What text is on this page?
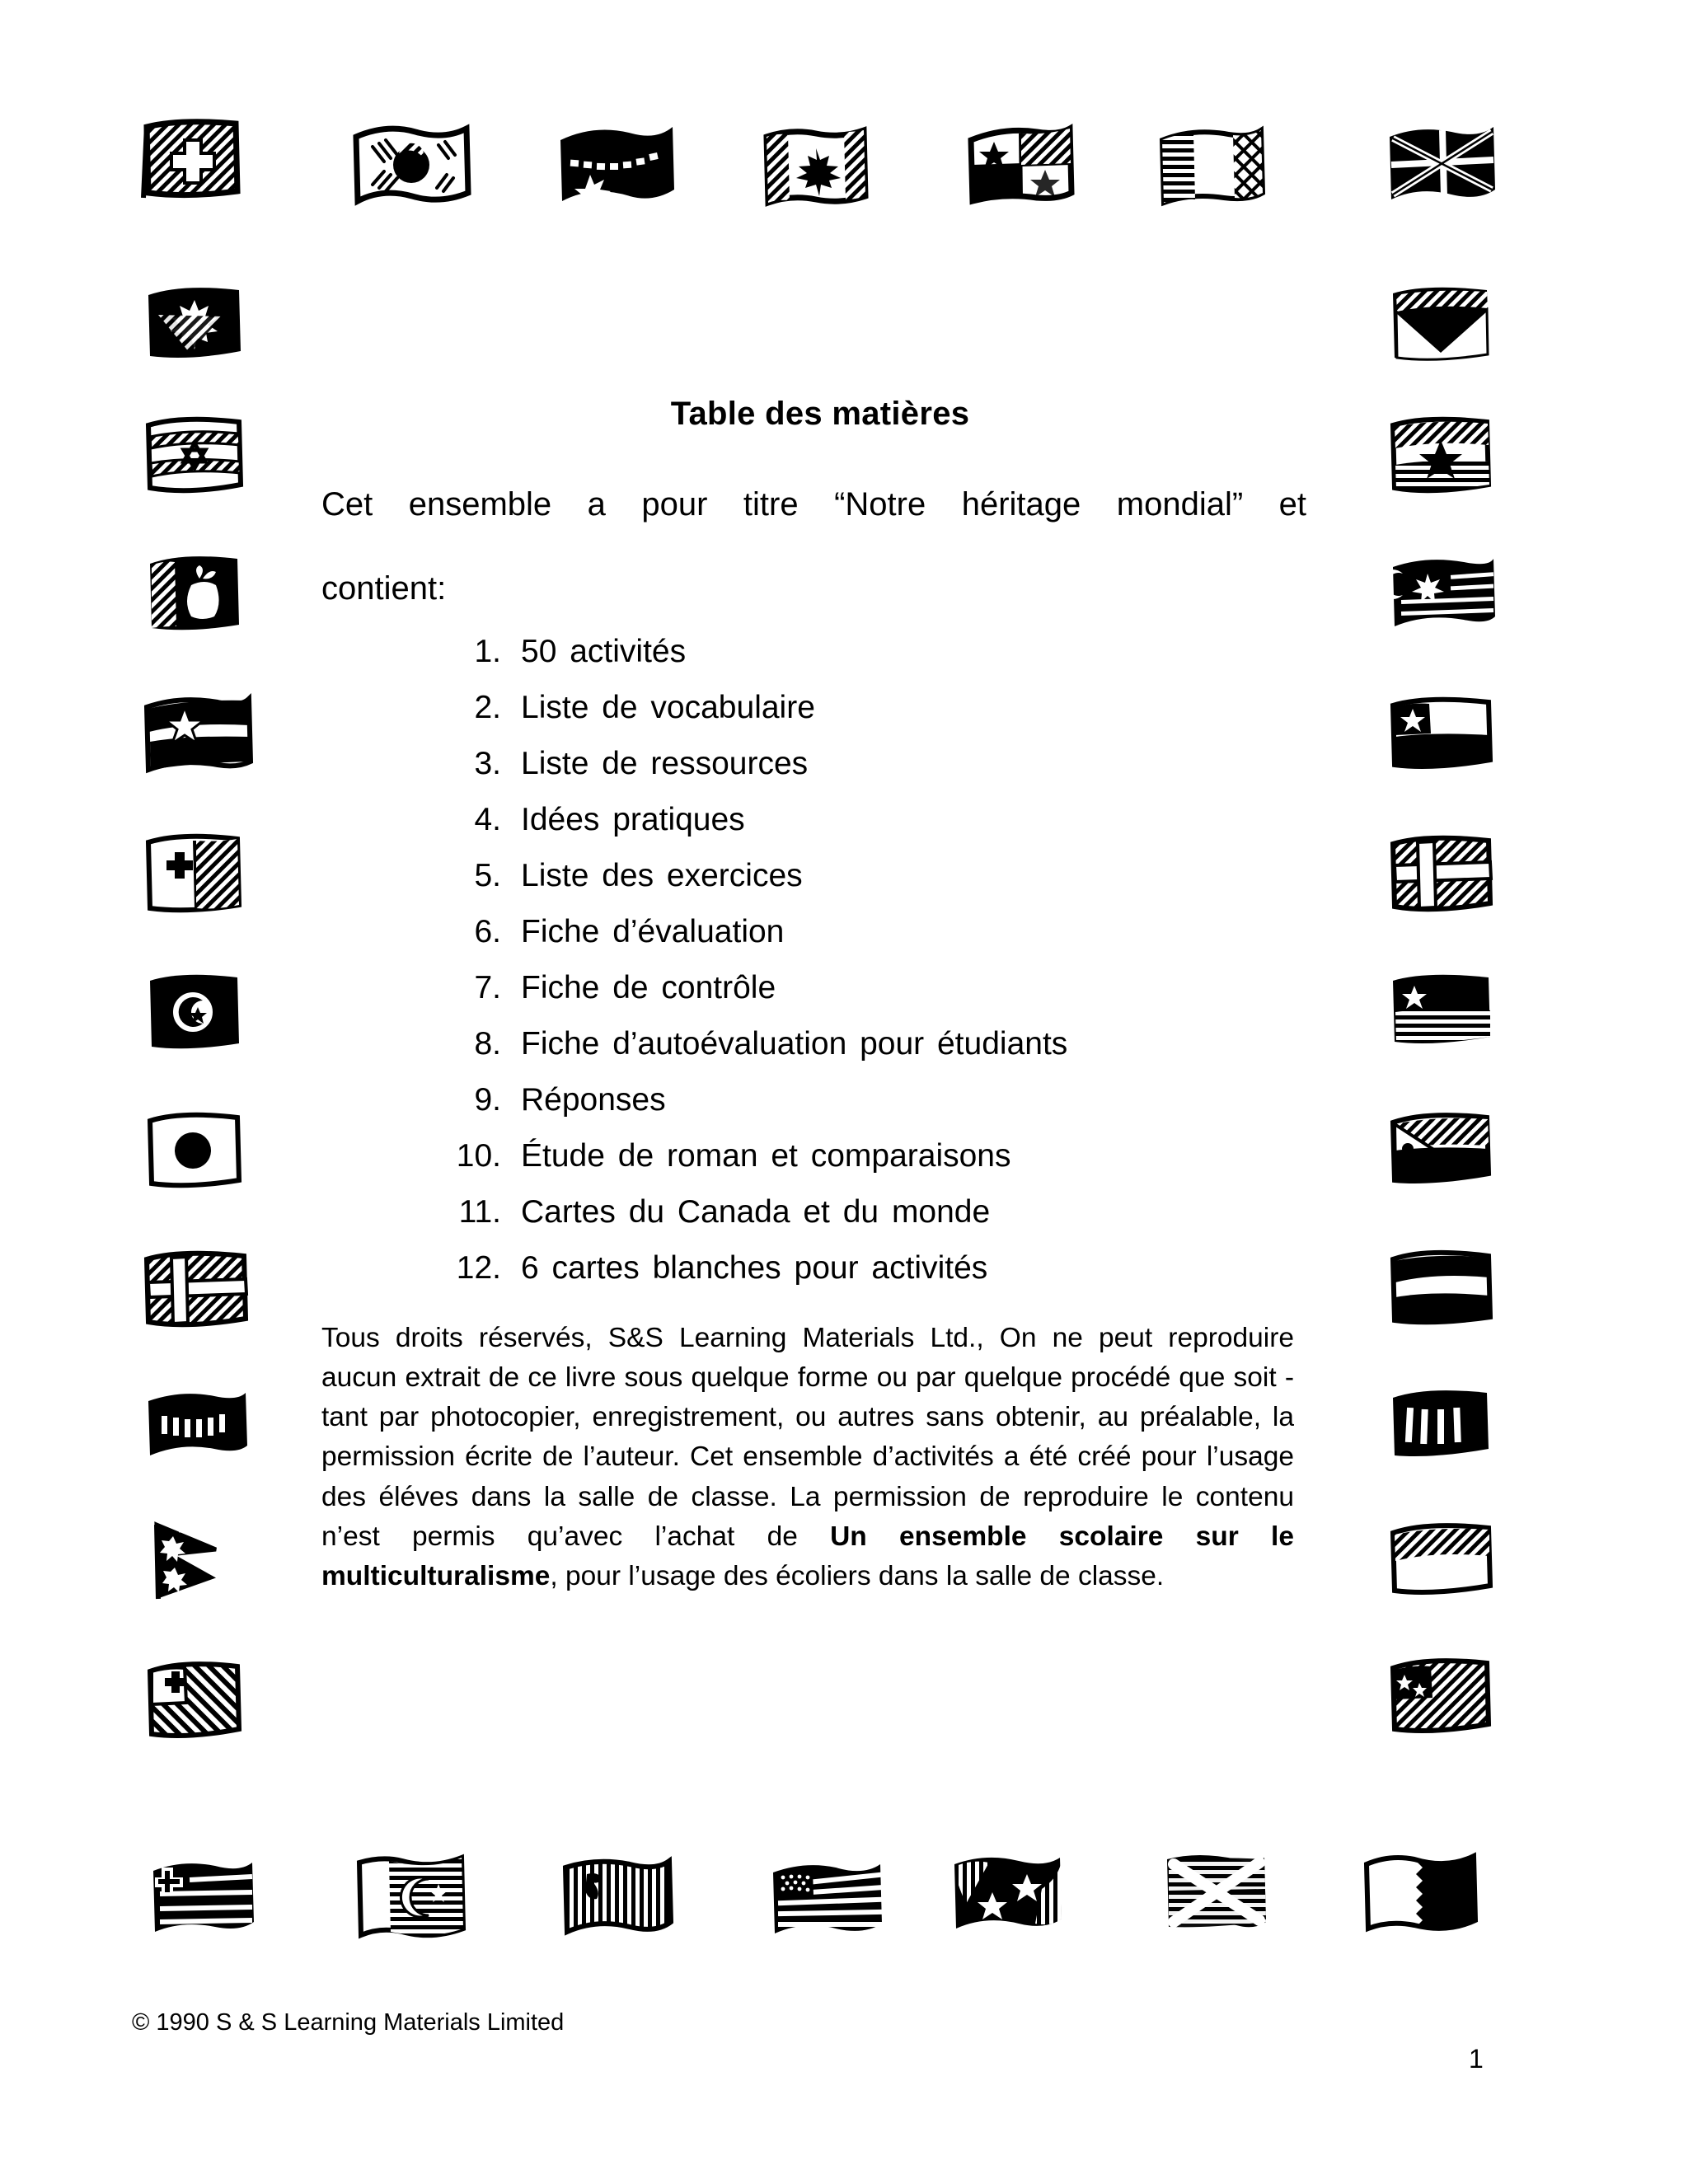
Table des matières

Cet ensemble a pour titre “Notre héritage mondial” et
contient:

1. 50 activités
2. Liste de vocabulaire
3. Liste de ressources
4. Idées pratiques
5. Liste des exercices
6. Fiche d’évaluation
7. Fiche de contrôle
8. Fiche d’autoévaluation pour étudiants
9. Réponses
10. Étude de roman et comparaisons
11. Cartes du Canada et du monde
12. 6 cartes blanches pour activités

Tous droits réservés, S&S Learning Materials Ltd., On ne peut reproduire aucun extrait de ce livre sous quelque forme ou par quelque procédé que soit - tant par photocopier, enregistrement, ou autres sans obtenir, au préalable, la permission écrite de l’auteur. Cet ensemble d’activités a été créé pour l’usage des éléves dans la salle de classe. La permission de reproduire le contenu n’est permis qu’avec l’achat de Un ensemble scolaire sur le multiculturalisme, pour l’usage des écoliers dans la salle de classe.

© 1990 S & S Learning Materials Limited
1
